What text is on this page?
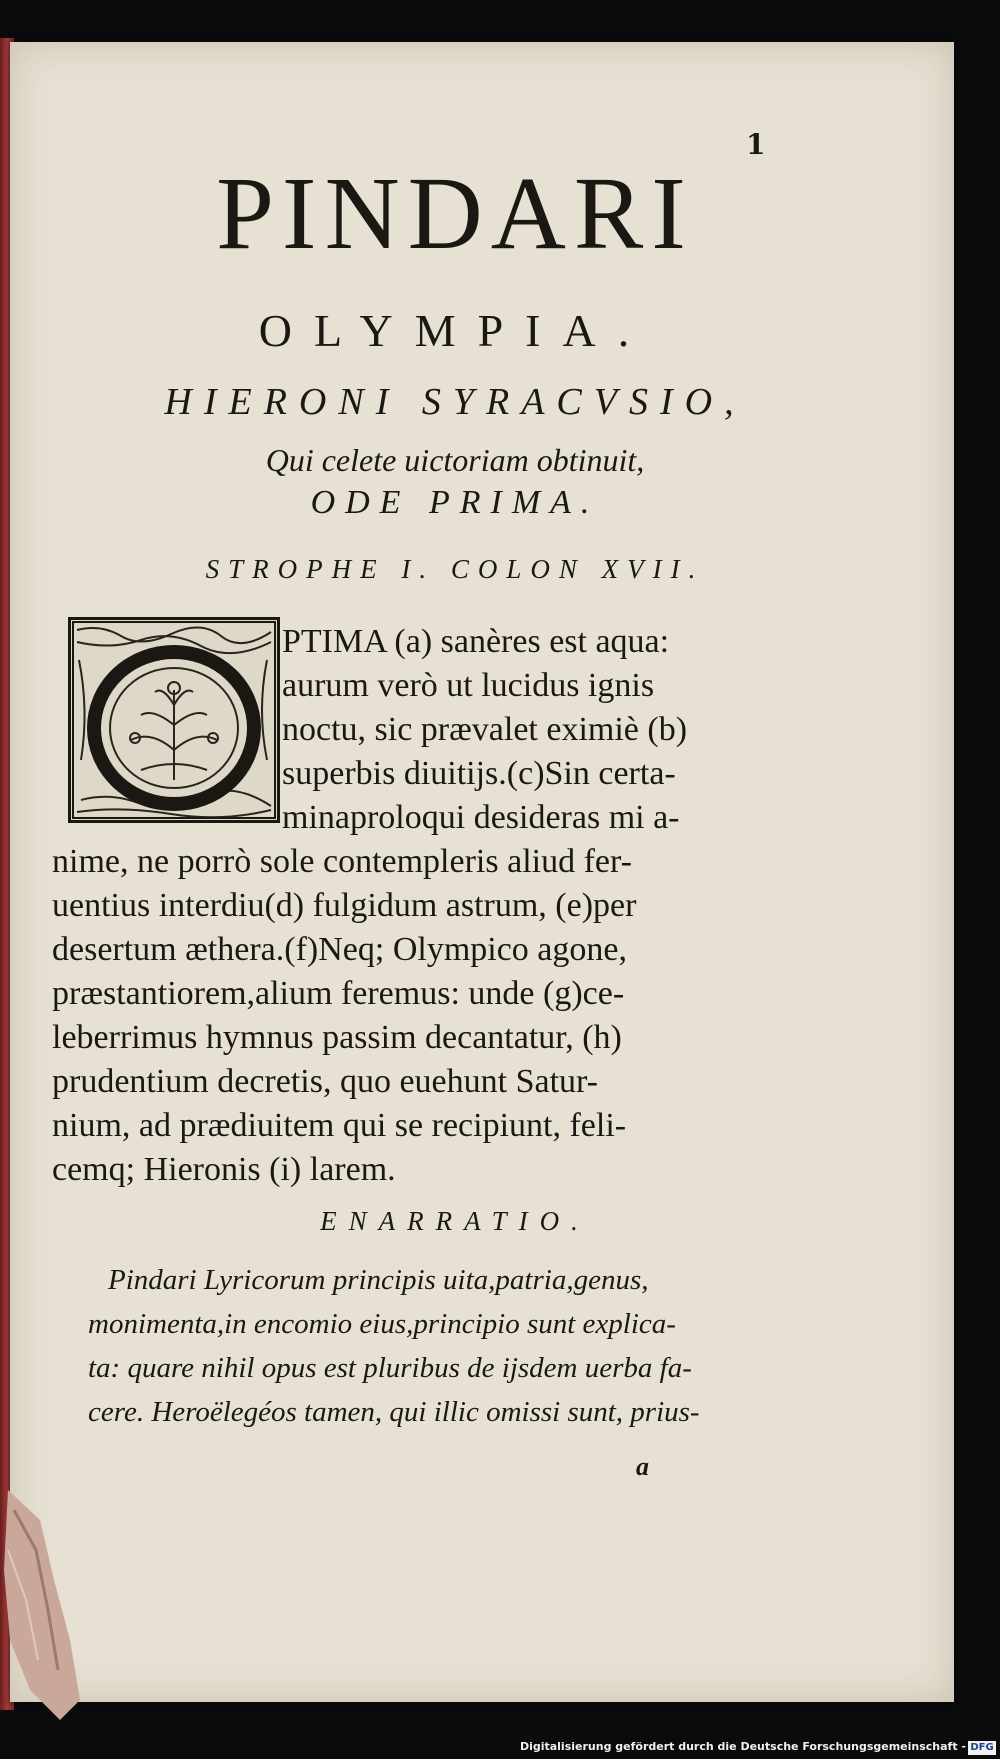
1
PINDARI
OLYMPIA.
HIERONI SYRACVSIO,
Qui celete uictoriam obtinuit,
ODE PRIMA.
STROPHE I. COLON XVII.
PTIMA (a) sanères est aqua:
aurum verò ut lucidus ignis
noctu, sic prævalet eximiè (b)
superbis diuitijs.(c)Sin certa-
minaproloqui desideras mi a-
nime, ne porrò sole contempleris aliud fer-
uentius interdiu(d) fulgidum astrum, (e)per
desertum æthera.(f)Neq; Olympico agone,
præstantiorem,alium feremus: unde (g)ce-
leberrimus hymnus passim decantatur, (h)
prudentium decretis, quo euehunt Satur-
nium, ad prædiuitem qui se recipiunt, feli-
cemq; Hieronis (i) larem.
ENARRATIO.
Pindari Lyricorum principis uita,patria,genus,
monimenta,in encomio eius,principio sunt explica-
ta: quare nihil opus est pluribus de ijsdem uerba fa-
cere. Heroëlegéos tamen, qui illic omissi sunt, prius-
a
Digitalisierung gefördert durch die Deutsche Forschungsgemeinschaft - DFG
